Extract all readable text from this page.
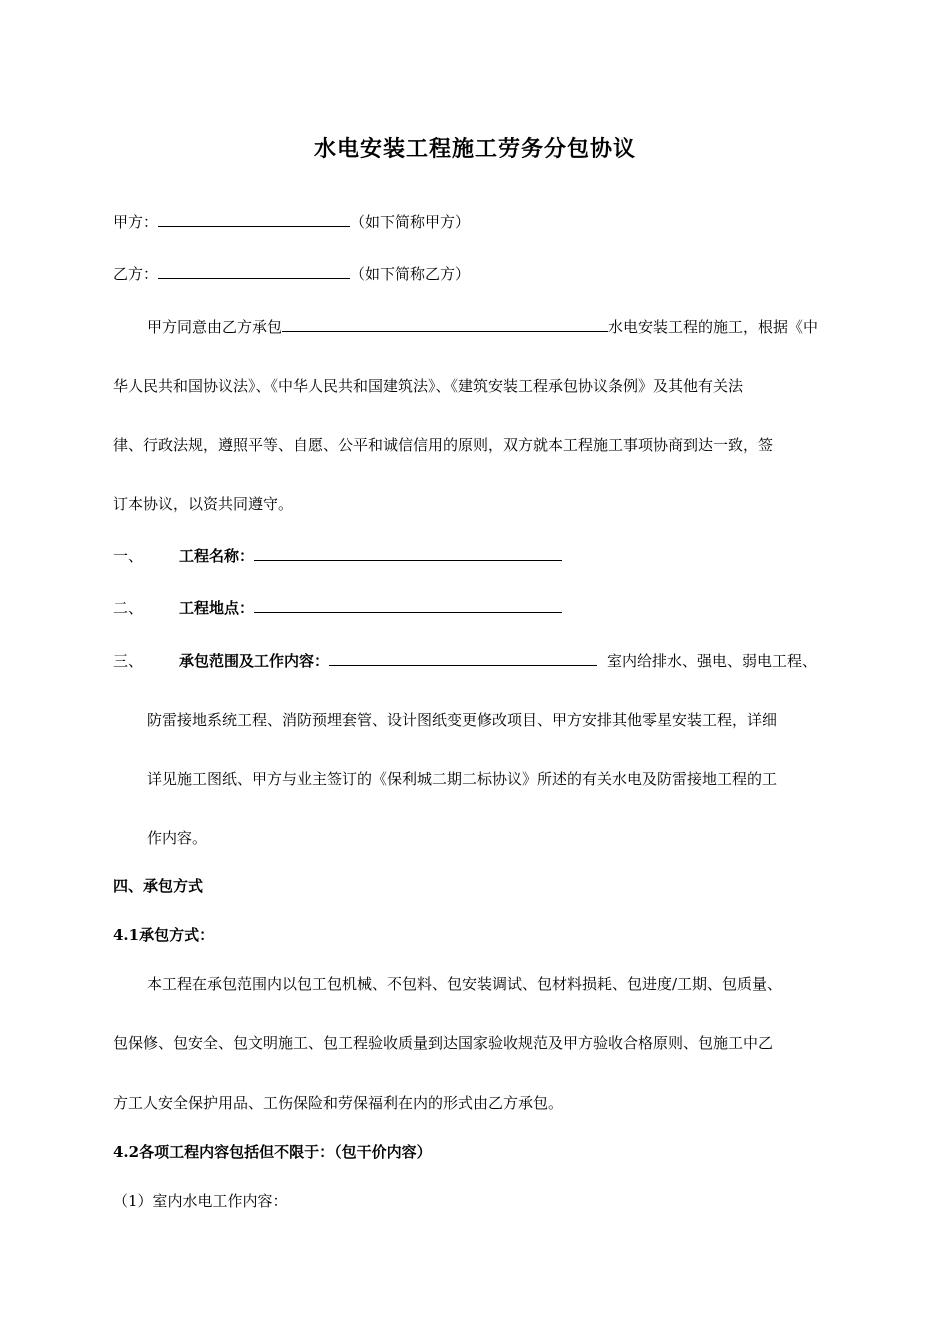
水电安装工程施工劳务分包协议
甲方：	（如下简称甲方）
乙方：	（如下简称乙方）
甲方同意由乙方承包	水电安装工程的施工，根据《中
华人民共和国协议法》、《中华人民共和国建筑法》、《建筑安装工程承包协议条例》及其他有关法
律、行政法规，遵照平等、自愿、公平和诚信信用的原则，双方就本工程施工事项协商到达一致，签
订本协议，以资共同遵守。
一、 工程名称：
二、 工程地点：
三、 承包范围及工作内容：	室内给排水、强电、弱电工程、
防雷接地系统工程、消防预埋套管、设计图纸变更修改项目、甲方安排其他零星安装工程，详细
详见施工图纸、甲方与业主签订的《保利城二期二标协议》所述的有关水电及防雷接地工程的工
作内容。
四、承包方式
4.1承包方式：
本工程在承包范围内以包工包机械、不包料、包安装调试、包材料损耗、包进度/工期、包质量、
包保修、包安全、包文明施工、包工程验收质量到达国家验收规范及甲方验收合格原则、包施工中乙
方工人安全保护用品、工伤保险和劳保福利在内的形式由乙方承包。
4.2各项工程内容包括但不限于：（包干价内容）
（1）室内水电工作内容：
